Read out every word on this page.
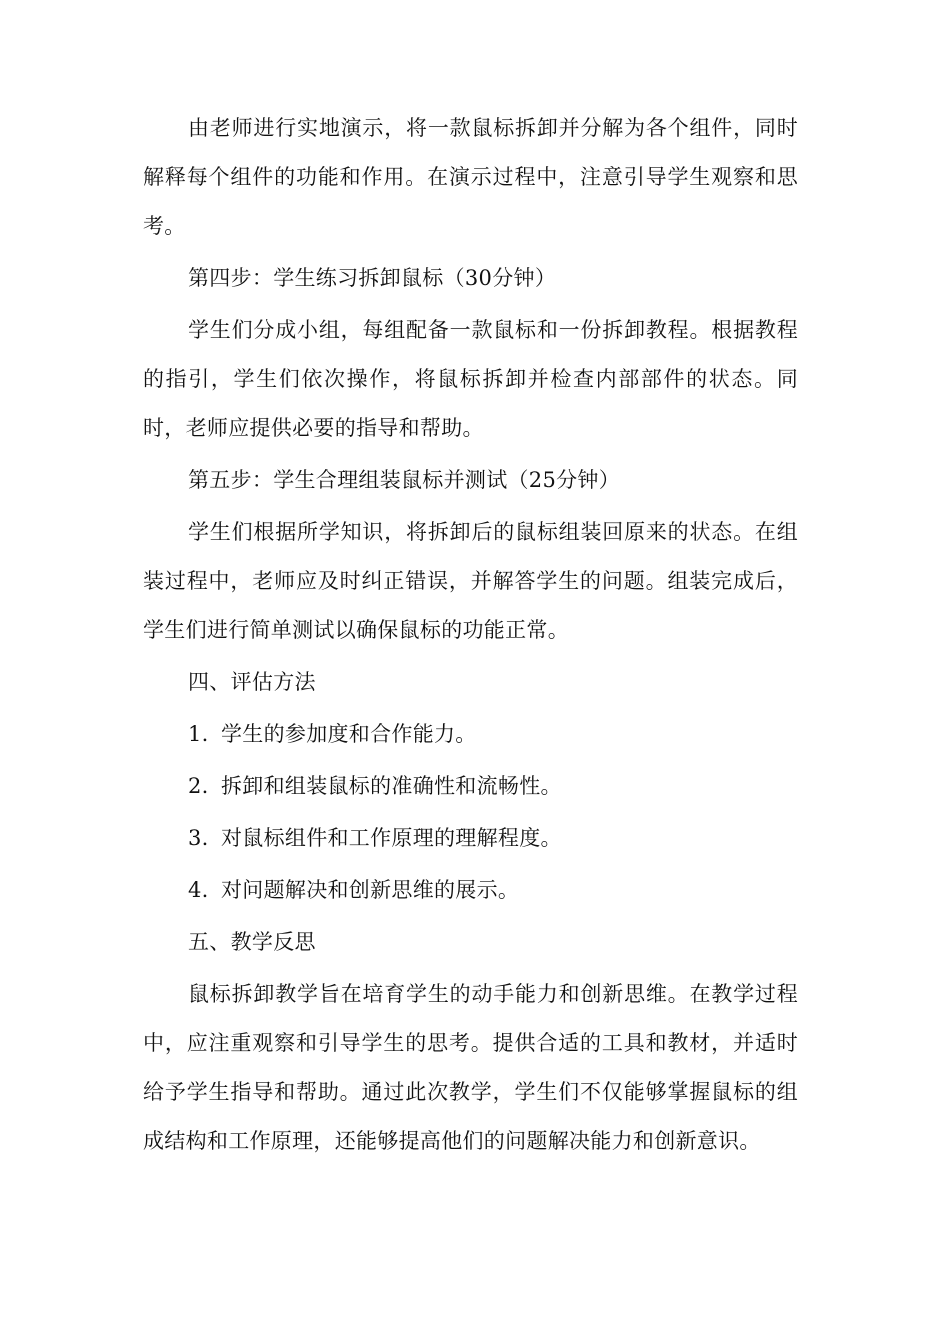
由老师进行实地演示，将一款鼠标拆卸并分解为各个组件，同时解释每个组件的功能和作用。在演示过程中，注意引导学生观察和思考。

第四步：学生练习拆卸鼠标（30分钟）

学生们分成小组，每组配备一款鼠标和一份拆卸教程。根据教程的指引，学生们依次操作，将鼠标拆卸并检查内部部件的状态。同时，老师应提供必要的指导和帮助。

第五步：学生合理组装鼠标并测试（25分钟）

学生们根据所学知识，将拆卸后的鼠标组装回原来的状态。在组装过程中，老师应及时纠正错误，并解答学生的问题。组装完成后，学生们进行简单测试以确保鼠标的功能正常。

四、评估方法

1. 学生的参加度和合作能力。

2. 拆卸和组装鼠标的准确性和流畅性。

3. 对鼠标组件和工作原理的理解程度。

4. 对问题解决和创新思维的展示。

五、教学反思

鼠标拆卸教学旨在培育学生的动手能力和创新思维。在教学过程中，应注重观察和引导学生的思考。提供合适的工具和教材，并适时给予学生指导和帮助。通过此次教学，学生们不仅能够掌握鼠标的组成结构和工作原理，还能够提高他们的问题解决能力和创新意识。
